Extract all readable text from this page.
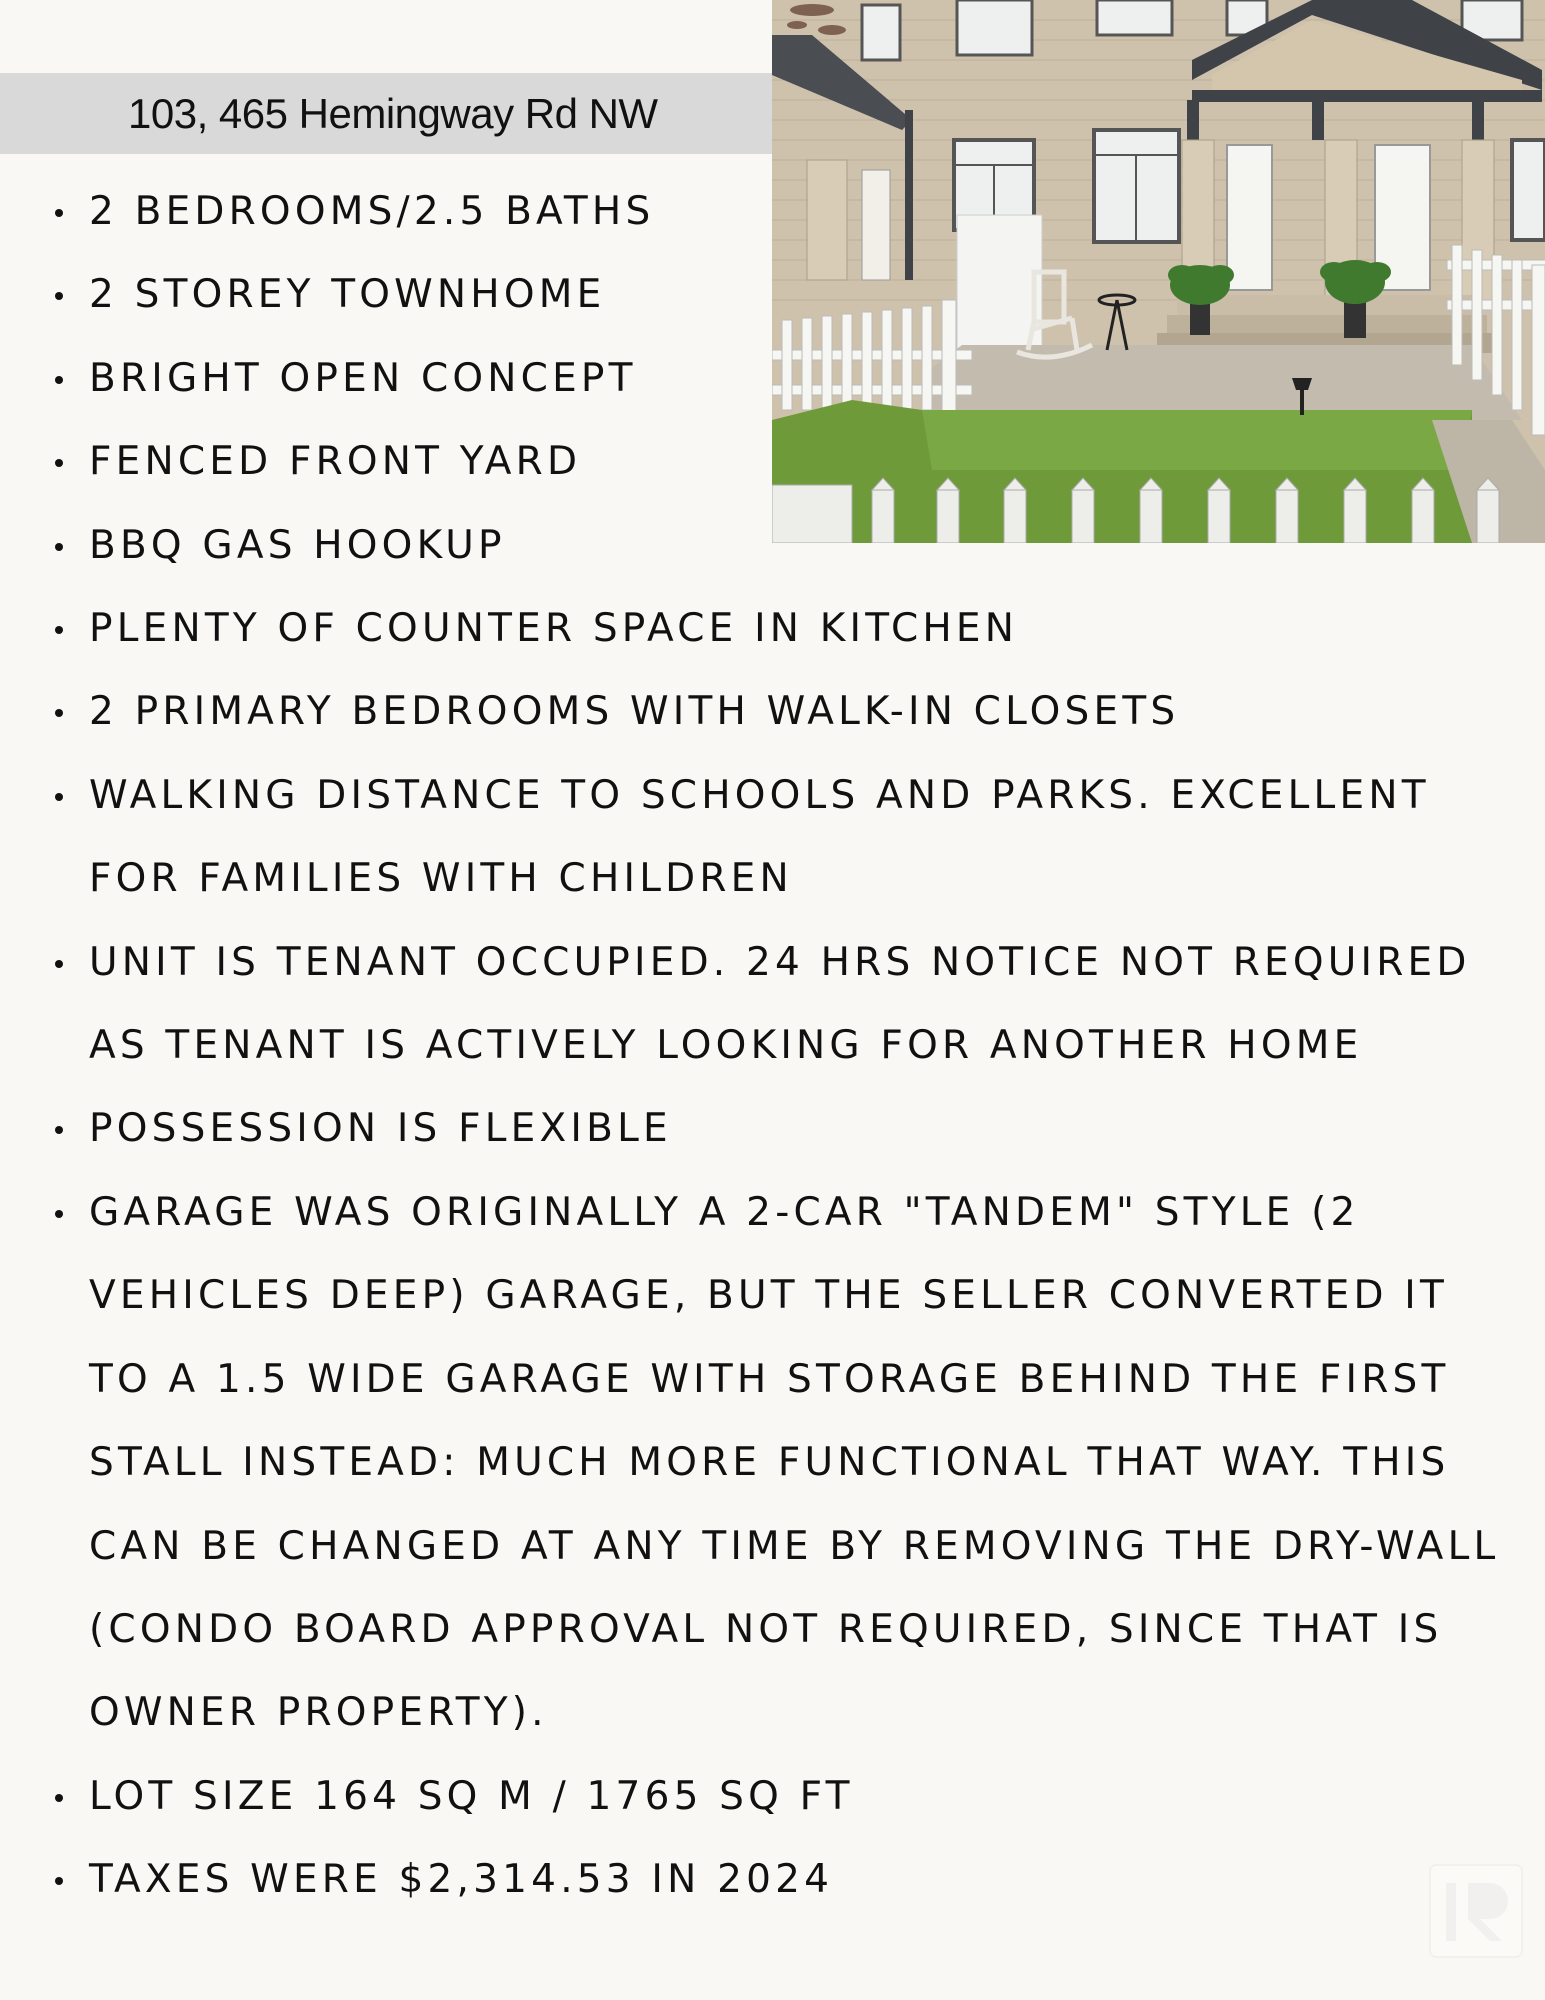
103, 465 Hemingway Rd NW
2 BEDROOMS/2.5 BATHS
2 STOREY TOWNHOME
BRIGHT OPEN CONCEPT
FENCED FRONT YARD
BBQ GAS HOOKUP
PLENTY OF COUNTER SPACE IN KITCHEN
2 PRIMARY BEDROOMS WITH WALK-IN CLOSETS
WALKING DISTANCE TO SCHOOLS AND PARKS. EXCELLENT FOR FAMILIES WITH CHILDREN
UNIT IS TENANT OCCUPIED. 24 HRS NOTICE NOT REQUIRED AS TENANT IS ACTIVELY LOOKING FOR ANOTHER HOME
POSSESSION IS FLEXIBLE
GARAGE WAS ORIGINALLY A 2-CAR "TANDEM" STYLE (2 VEHICLES DEEP) GARAGE, BUT THE SELLER CONVERTED IT TO A 1.5 WIDE GARAGE WITH STORAGE BEHIND THE FIRST STALL INSTEAD: MUCH MORE FUNCTIONAL THAT WAY. THIS CAN BE CHANGED AT ANY TIME BY REMOVING THE DRY-WALL (CONDO BOARD APPROVAL NOT REQUIRED, SINCE THAT IS OWNER PROPERTY).
LOT SIZE 164 SQ M / 1765 SQ FT
TAXES WERE $2,314.53 IN 2024
